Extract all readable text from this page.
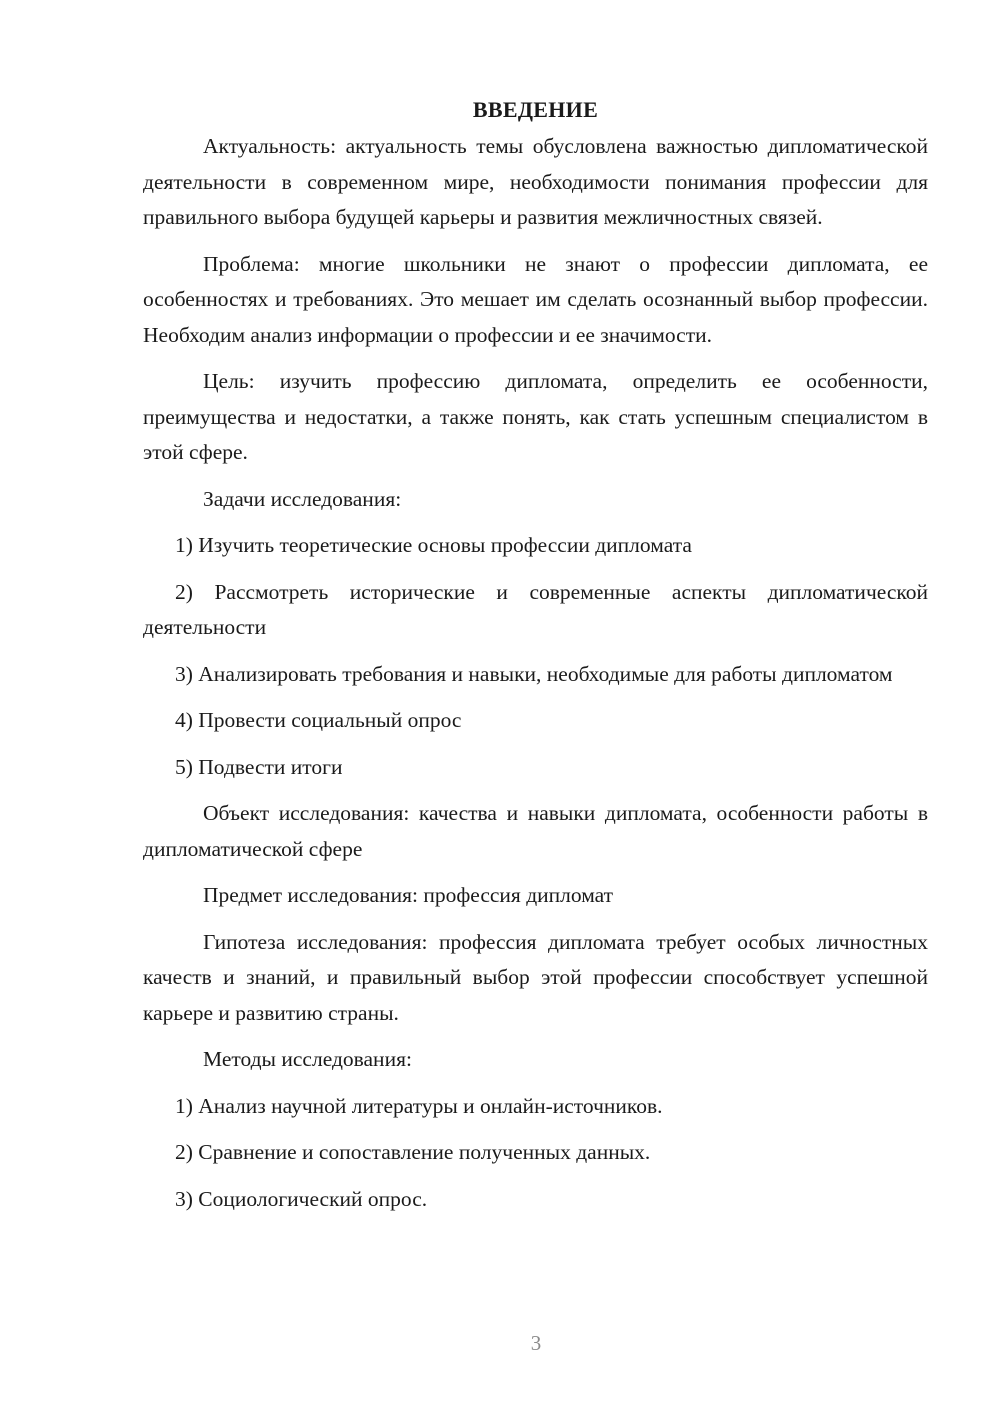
ВВЕДЕНИЕ

Актуальность: актуальность темы обусловлена важностью дипломатической деятельности в современном мире, необходимости понимания профессии для правильного выбора будущей карьеры и развития межличностных связей.

Проблема: многие школьники не знают о профессии дипломата, ее особенностях и требованиях. Это мешает им сделать осознанный выбор профессии. Необходим анализ информации о профессии и ее значимости.

Цель: изучить профессию дипломата, определить ее особенности, преимущества и недостатки, а также понять, как стать успешным специалистом в этой сфере.

Задачи исследования:

1) Изучить теоретические основы профессии дипломата

2) Рассмотреть исторические и современные аспекты дипломатической деятельности

3) Анализировать требования и навыки, необходимые для работы дипломатом

4) Провести социальный опрос

5) Подвести итоги

Объект исследования: качества и навыки дипломата, особенности работы в дипломатической сфере

Предмет исследования: профессия дипломат

Гипотеза исследования: профессия дипломата требует особых личностных качеств и знаний, и правильный выбор этой профессии способствует успешной карьере и развитию страны.

Методы исследования:

1) Анализ научной литературы и онлайн-источников.

2) Сравнение и сопоставление полученных данных.

3) Социологический опрос.

3
